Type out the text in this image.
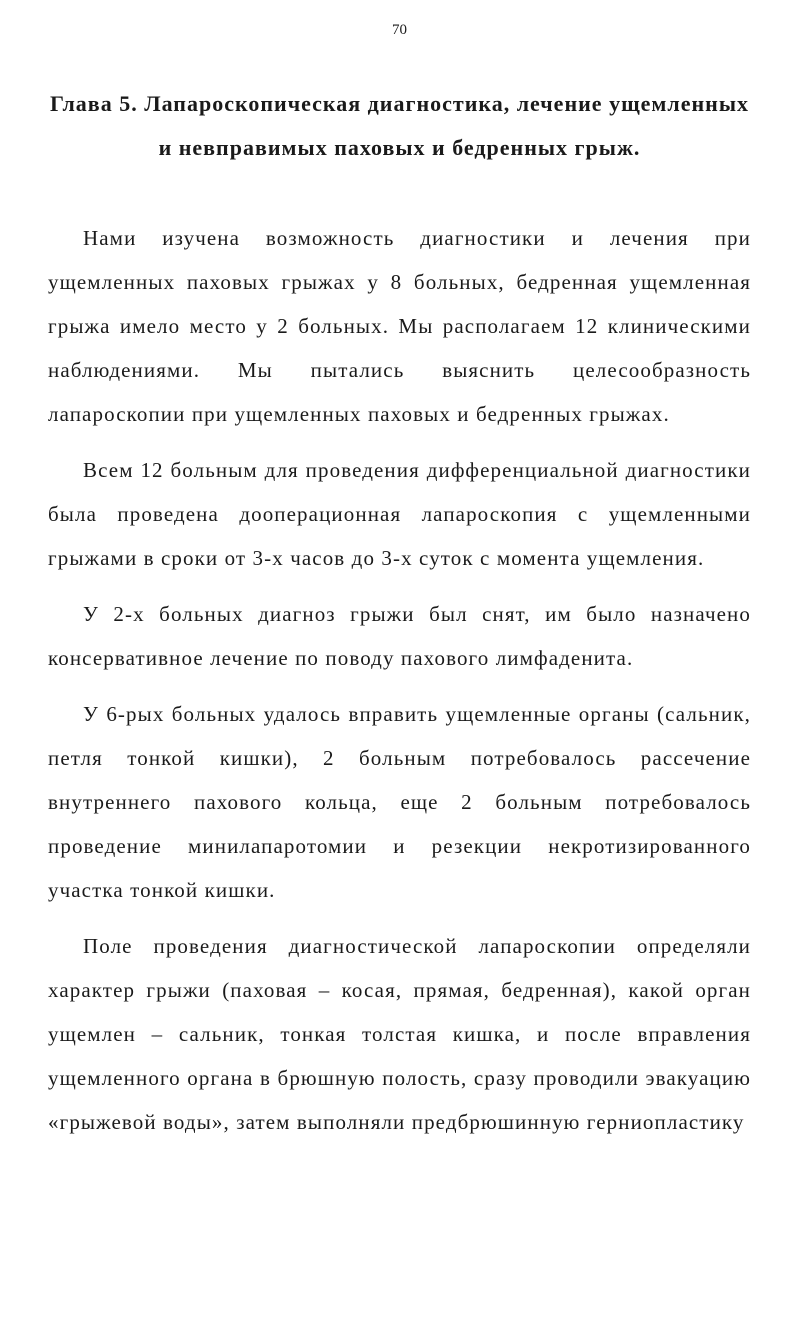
70
Глава 5. Лапароскопическая диагностика, лечение ущемленных и невправимых паховых и бедренных грыж.

Нами изучена возможность диагностики и лечения при ущемленных паховых грыжах у 8 больных, бедренная ущемленная грыжа имело место у 2 больных. Мы располагаем 12 клиническими наблюдениями. Мы пытались выяснить целесообразность лапароскопии при ущемленных паховых и бедренных грыжах.

Всем 12 больным для проведения дифференциальной диагностики была проведена дооперационная лапароскопия с ущемленными грыжами в сроки от 3-х часов до 3-х суток с момента ущемления.

У 2-х больных диагноз грыжи был снят, им было назначено консервативное лечение по поводу пахового лимфаденита.

У 6-рых больных удалось вправить ущемленные органы (сальник, петля тонкой кишки), 2 больным потребовалось рассечение внутреннего пахового кольца, еще 2 больным потребовалось проведение минилапаротомии и резекции некротизированного участка тонкой кишки.

Поле проведения диагностической лапароскопии определяли характер грыжи (паховая – косая, прямая, бедренная), какой орган ущемлен – сальник, тонкая толстая кишка, и после вправления ущемленного органа в брюшную полость, сразу проводили эвакуацию «грыжевой воды», затем выполняли предбрюшинную герниопластику
